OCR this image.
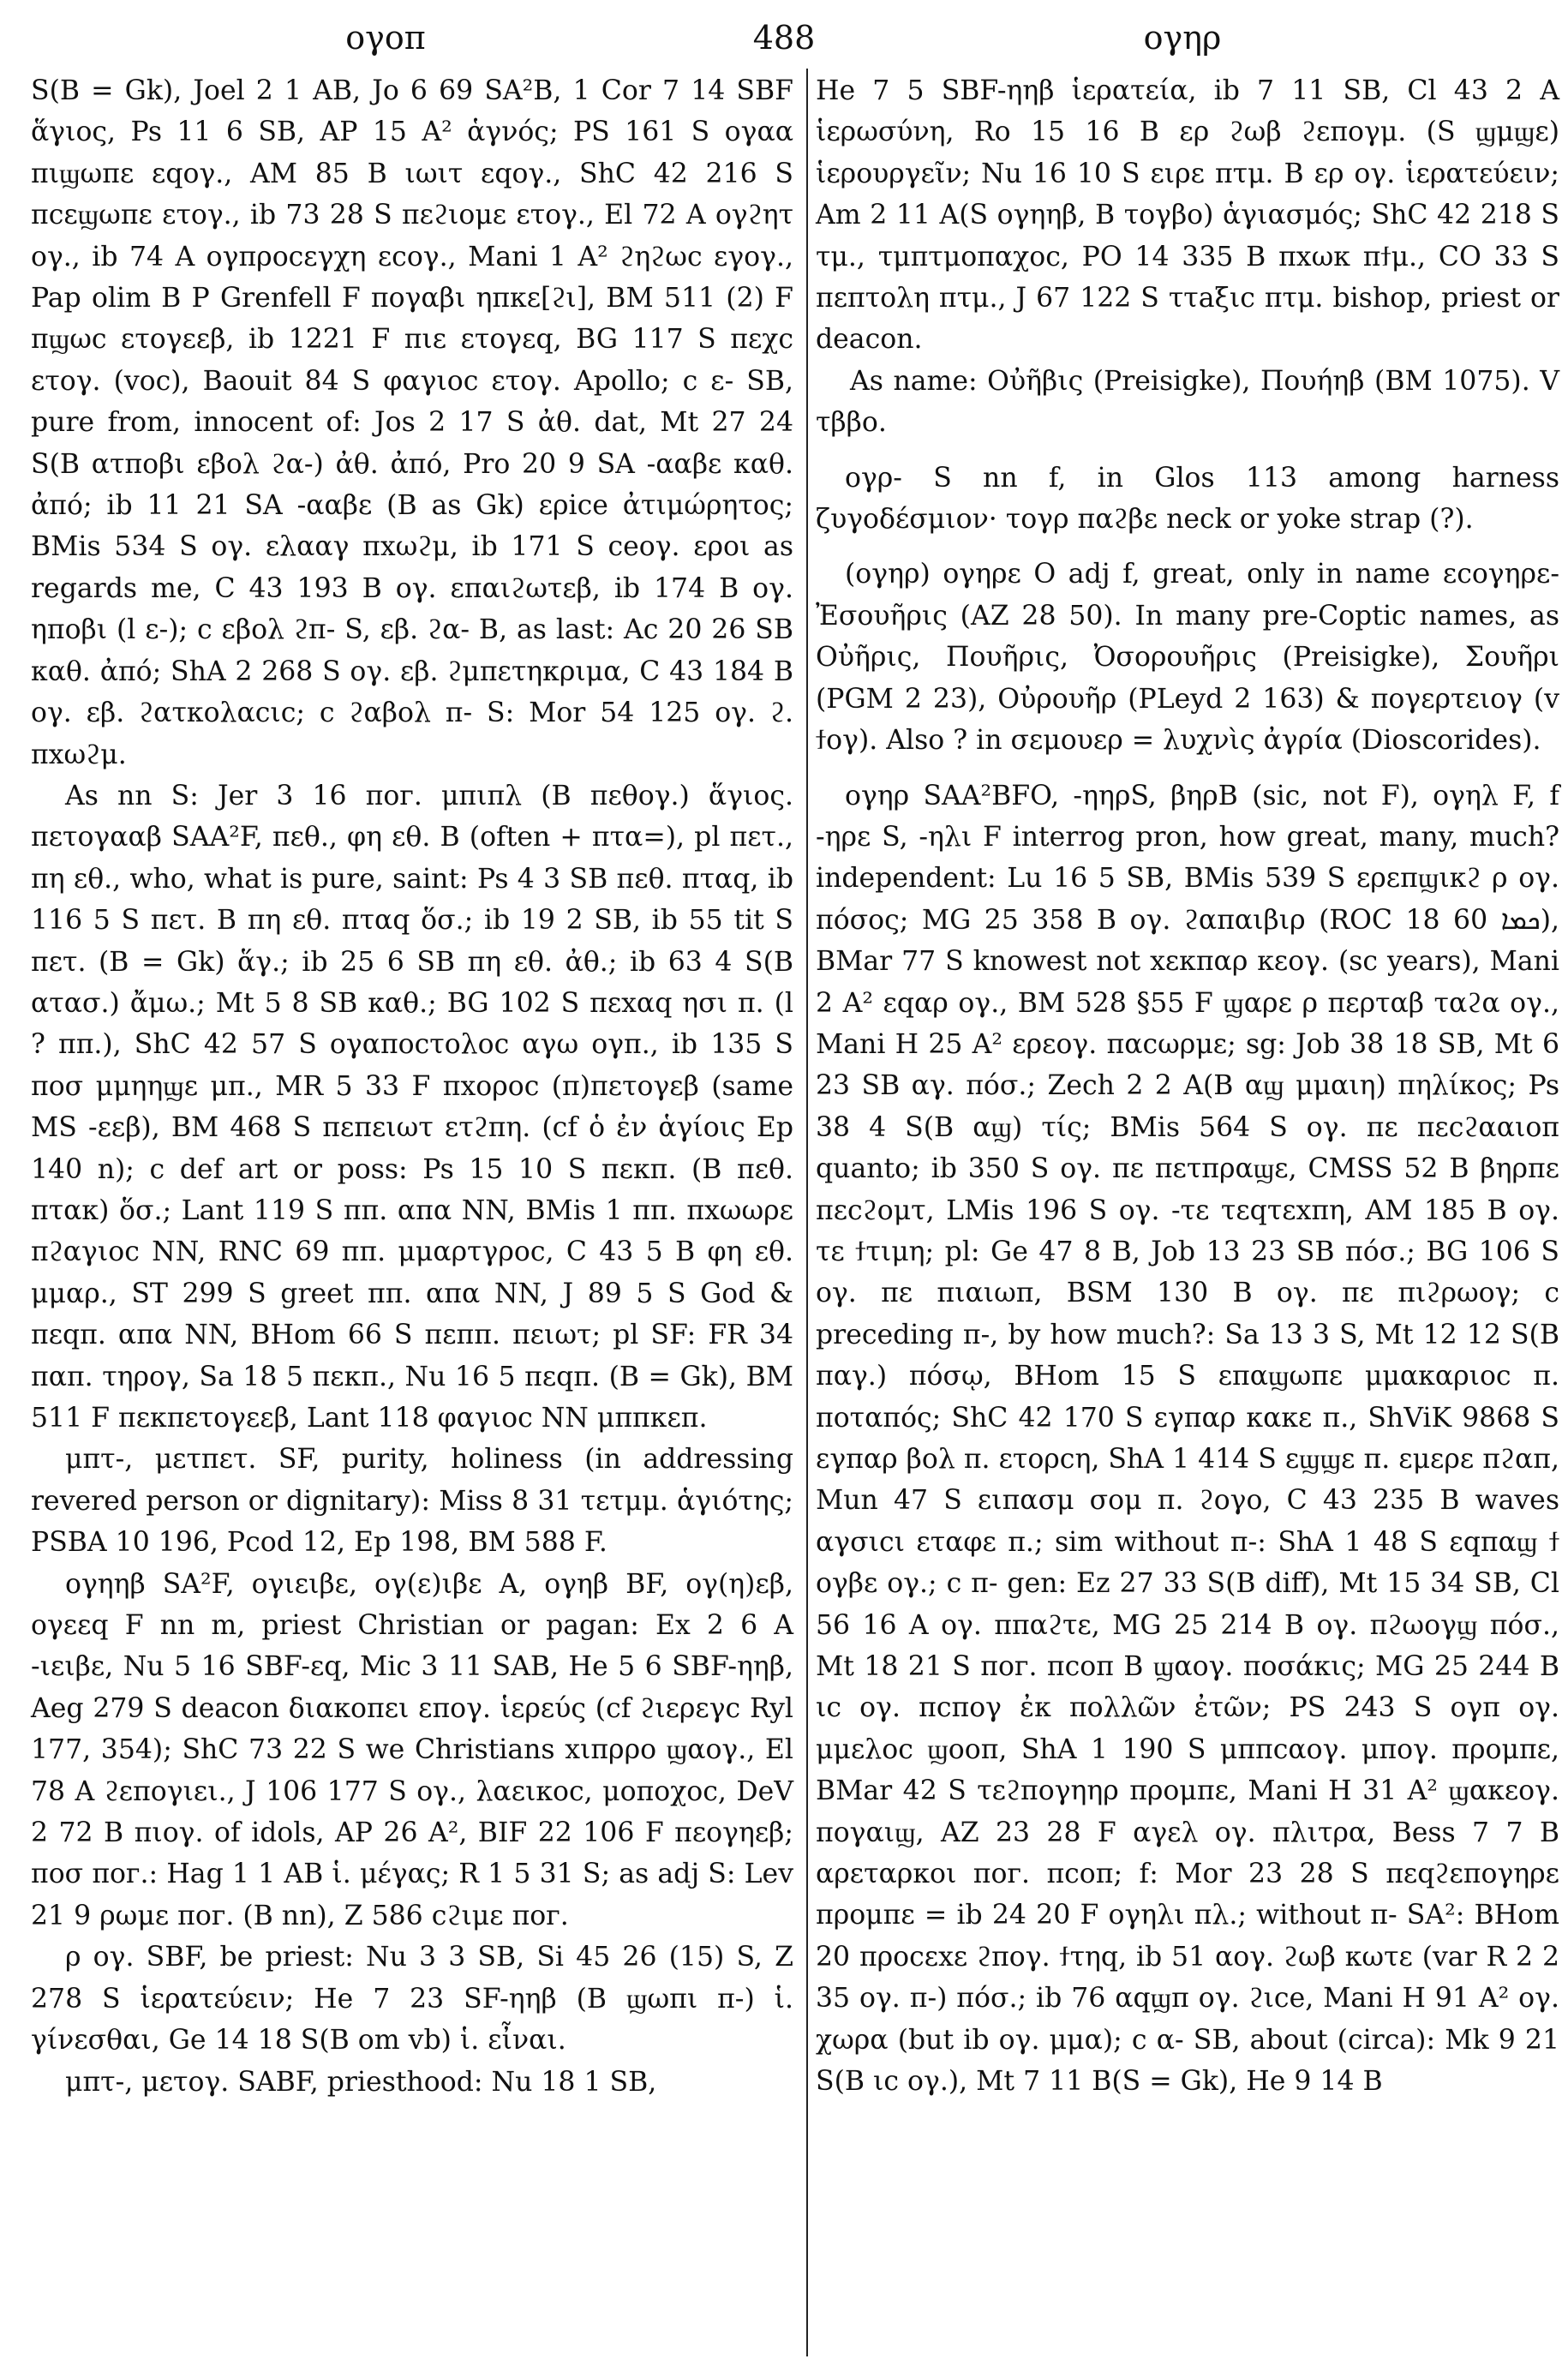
ογοπ	488	ογηρ

S(B = Gk), Joel 2 1 AB, Jo 6 69 SA²B, 1 Cor 7 14 SBF ἅγιος, Ps 11 6 SB, AP 15 A² ἁγνός; PS 161 S ογαα πιϣωπε εqογ., AM 85 B ιωιτ εqογ., ShC 42 216 S πcεϣωπε ετογ., ib 73 28 S πεϩιομε ετογ., El 72 A ογϩητ ογ., ib 74 A ογπροcεγχη εcογ., Mani 1 A² ϩηϩωc εγογ., Pap olim B P Grenfell F πογαβι ηπκε[ϩι], BM 511 (2) F πϣωc ετογεεβ, ib 1221 F πιε ετογεq, BG 117 S πεχc ετογ. (voc), Baouit 84 S φαγιοc ετογ. Apollo; c ε- SB, pure from, innocent of: Jos 2 17 S ἀθ. dat, Mt 27 24 S(B ατποβι εβολ ϩα-) ἀθ. ἀπό, Pro 20 9 SA -ααβε καθ. ἀπό; ib 11 21 SA -ααβε (B as Gk) ερice ἀτιμώρητος; BMis 534 S ογ. ελααγ πxωϩμ, ib 171 S ceογ. εροι as regards me, C 43 193 B ογ. επαιϩωτεβ, ib 174 B ογ. ηποβι (l ε-); c εβολ ϩπ- S, εβ. ϩα- B, as last: Ac 20 26 SB καθ. ἀπό; ShA 2 268 S ογ. εβ. ϩμπετηκριμα, C 43 184 B ογ. εβ. ϩατκολαcιc; c ϩαβολ π- S: Mor 54 125 ογ. ϩ. πxωϩμ.

As nn S: Jer 3 16 ποг. μπιπλ (B πεθογ.) ἅγιος. πετογααβ SAA²F, πεθ., φη εθ. B (often + πτα=), pl πετ., πη εθ., who, what is pure, saint: Ps 4 3 SB πεθ. πταq, ib 116 5 S πετ. B πη εθ. πταq ὅσ.; ib 19 2 SB, ib 55 tit S πετ. (B = Gk) ἅγ.; ib 25 6 SB πη εθ. ἀθ.; ib 63 4 S(B ατασ.) ἄμω.; Mt 5 8 SB καθ.; BG 102 S πεxαq ησι π. (l ? ππ.), ShC 42 57 S ογαποcτολοc αγω ογπ., ib 135 S ποσ μμηηϣε μπ., MR 5 33 F πxοροc (π)πετογεβ (same MS -εεβ), BM 468 S πεπειωτ ετϩπη. (cf ὁ ἐν ἁγίοις Ep 140 n); c def art or poss: Ps 15 10 S πεκπ. (B πεθ. πτακ) ὅσ.; Lant 119 S ππ. απα NN, BMis 1 ππ. πxωωρε πϩαγιοc NN, RNC 69 ππ. μμαρτγροc, C 43 5 B φη εθ. μμαρ., ST 299 S greet ππ. απα NN, J 89 5 S God & πεqπ. απα NN, BHom 66 S πεππ. πειωτ; pl SF: FR 34 παπ. τηρογ, Sa 18 5 πεκπ., Nu 16 5 πεqπ. (B = Gk), BM 511 F πεκπετογεεβ, Lant 118 φαγιοc NN μππκεπ.

μπτ-, μετπετ. SF, purity, holiness (in addressing revered person or dignitary): Miss 8 31 τετμμ. ἁγιότης; PSBA 10 196, Pcod 12, Ep 198, BM 588 F.

ογηηβ SA²F, ογιειβε, ογ(ε)ιβε A, ογηβ BF, ογ(η)εβ, ογεεq F nn m, priest Christian or pagan: Ex 2 6 A -ιειβε, Nu 5 16 SBF-εq, Mic 3 11 SAB, He 5 6 SBF-ηηβ, Aeg 279 S deacon διακοπει επογ. ἱερεύς (cf ϩιερεγc Ryl 177, 354); ShC 73 22 S we Christians xιπρρο ϣαογ., El 78 A ϩεπογιει., J 106 177 S ογ., λαεικοc, μοποχοc, DeV 2 72 B πιογ. of idols, AP 26 A², BIF 22 106 F πεογηεβ; ποσ ποг.: Hag 1 1 AB ἱ. μέγας; R 1 5 31 S; as adj S: Lev 21 9 ρωμε ποг. (B nn), Z 586 cϩιμε ποг.

ρ ογ. SBF, be priest: Nu 3 3 SB, Si 45 26 (15) S, Z 278 S ἱερατεύειν; He 7 23 SF-ηηβ (B ϣωπι π-) ἱ. γίνεσθαι, Ge 14 18 S(B om vb) ἱ. εἶναι.

μπτ-, μετογ. SABF, priesthood: Nu 18 1 SB,

He 7 5 SBF-ηηβ ἱερατεία, ib 7 11 SB, Cl 43 2 A ἱερωσύνη, Ro 15 16 B ερ ϩωβ ϩεπογμ. (S ϣμϣε) ἱερουργεῖν; Nu 16 10 S ειρε πτμ. B ερ ογ. ἱερατεύειν; Am 2 11 A(S ογηηβ, B τογβο) ἁγιασμός; ShC 42 218 S τμ., τμπτμοπαχοc, PO 14 335 B πxωκ πϯμ., CO 33 S πεπτολη πτμ., J 67 122 S ττaξιc πτμ. bishop, priest or deacon.

As name: Οὐῆβις (Preisigke), Πουήηβ (BM 1075). V τββο.

ογρ- S nn f, in Glos 113 among harness ζυγοδέσμιον· τογρ παϩβε neck or yoke strap (?).

(ογηρ) ογηρε O adj f, great, only in name εcογηρε-Ἐσουῆρις (AZ 28 50). In many pre-Coptic names, as Οὐῆρις, Πουῆρις, Ὀσορουῆρις (Preisigke), Σουῆρι (PGM 2 23), Οὐρουῆρ (PLeyd 2 163) & πογερτειογ (v ϯογ). Also ? in σεμουερ = λυχνὶς ἀγρία (Dioscorides).

ογηρ SAA²BFO, -ηηρS, βηρB (sic, not F), ογηλ F, f -ηρε S, -ηλι F interrog pron, how great, many, much? independent: Lu 16 5 SB, BMis 539 S ερεπϣικϩ ρ ογ. πόσος; MG 25 358 B ογ. ϩαπαιβιρ (ROC 18 60 ܟܡܐ), BMar 77 S knowest not xεκπαρ κεογ. (sc years), Mani 2 A² εqαρ ογ., BM 528 §55 F ϣαρε ρ περταβ ταϩα ογ., Mani H 25 A² ερεογ. παcωρμε; sg: Job 38 18 SB, Mt 6 23 SB αγ. πόσ.; Zech 2 2 A(B αϣ μμαιη) πηλίκος; Ps 38 4 S(B αϣ) τίς; BMis 564 S ογ. πε πεcϩααιοπ quanto; ib 350 S ογ. πε πετπραϣε, CMSS 52 B βηρπε πεcϩομτ, LMis 196 S ογ. -τε τεqτεxπη, AM 185 B ογ. τε ϯτιμη; pl: Ge 47 8 B, Job 13 23 SB πόσ.; BG 106 S ογ. πε πιαιωπ, BSM 130 B ογ. πε πιϩρωογ; c preceding π-, by how much?: Sa 13 3 S, Mt 12 12 S(B παγ.) πόσῳ, BHom 15 S επαϣωπε μμακαριοc π. ποταπός; ShC 42 170 S εγπαρ κακε π., ShViK 9868 S εγπαρ βολ π. ετορcη, ShA 1 414 S εϣϣε π. εμερε πϩαπ, Mun 47 S ειπασμ σομ π. ϩογο, C 43 235 B waves αγσιcι εταφε π.; sim without π-: ShA 1 48 S εqπαϣ ϯ ογβε ογ.; c π- gen: Ez 27 33 S(B diff), Mt 15 34 SB, Cl 56 16 A ογ. ππαϩτε, MG 25 214 B ογ. πϩωογϣ πόσ., Mt 18 21 S ποг. πcοπ B ϣαογ. ποσάκις; MG 25 244 B ιc ογ. πcπογ ἐκ πολλῶν ἐτῶν; PS 243 S ογπ ογ. μμελοc ϣοοπ, ShA 1 190 S μππcαογ. μπογ. προμπε, BMar 42 S τεϩπογηηρ προμπε, Mani H 31 A² ϣακεογ. πογαιϣ, AZ 23 28 F αγελ ογ. πλιτρα, Bess 7 7 B αρεταρκοι ποг. πcοπ; f: Mor 23 28 S πεqϩεπογηρε προμπε = ib 24 20 F ογηλι πλ.; without π- SA²: BHom 20 προcεxε ϩπογ. ϯτηq, ib 51 αογ. ϩωβ κωτε (var R 2 2 35 ογ. π-) πόσ.; ib 76 αqϣπ ογ. ϩιce, Mani H 91 A² ογ. χωρα (but ib ογ. μμα); c α- SB, about (circa): Mk 9 21 S(B ιc ογ.), Mt 7 11 B(S = Gk), He 9 14 B
